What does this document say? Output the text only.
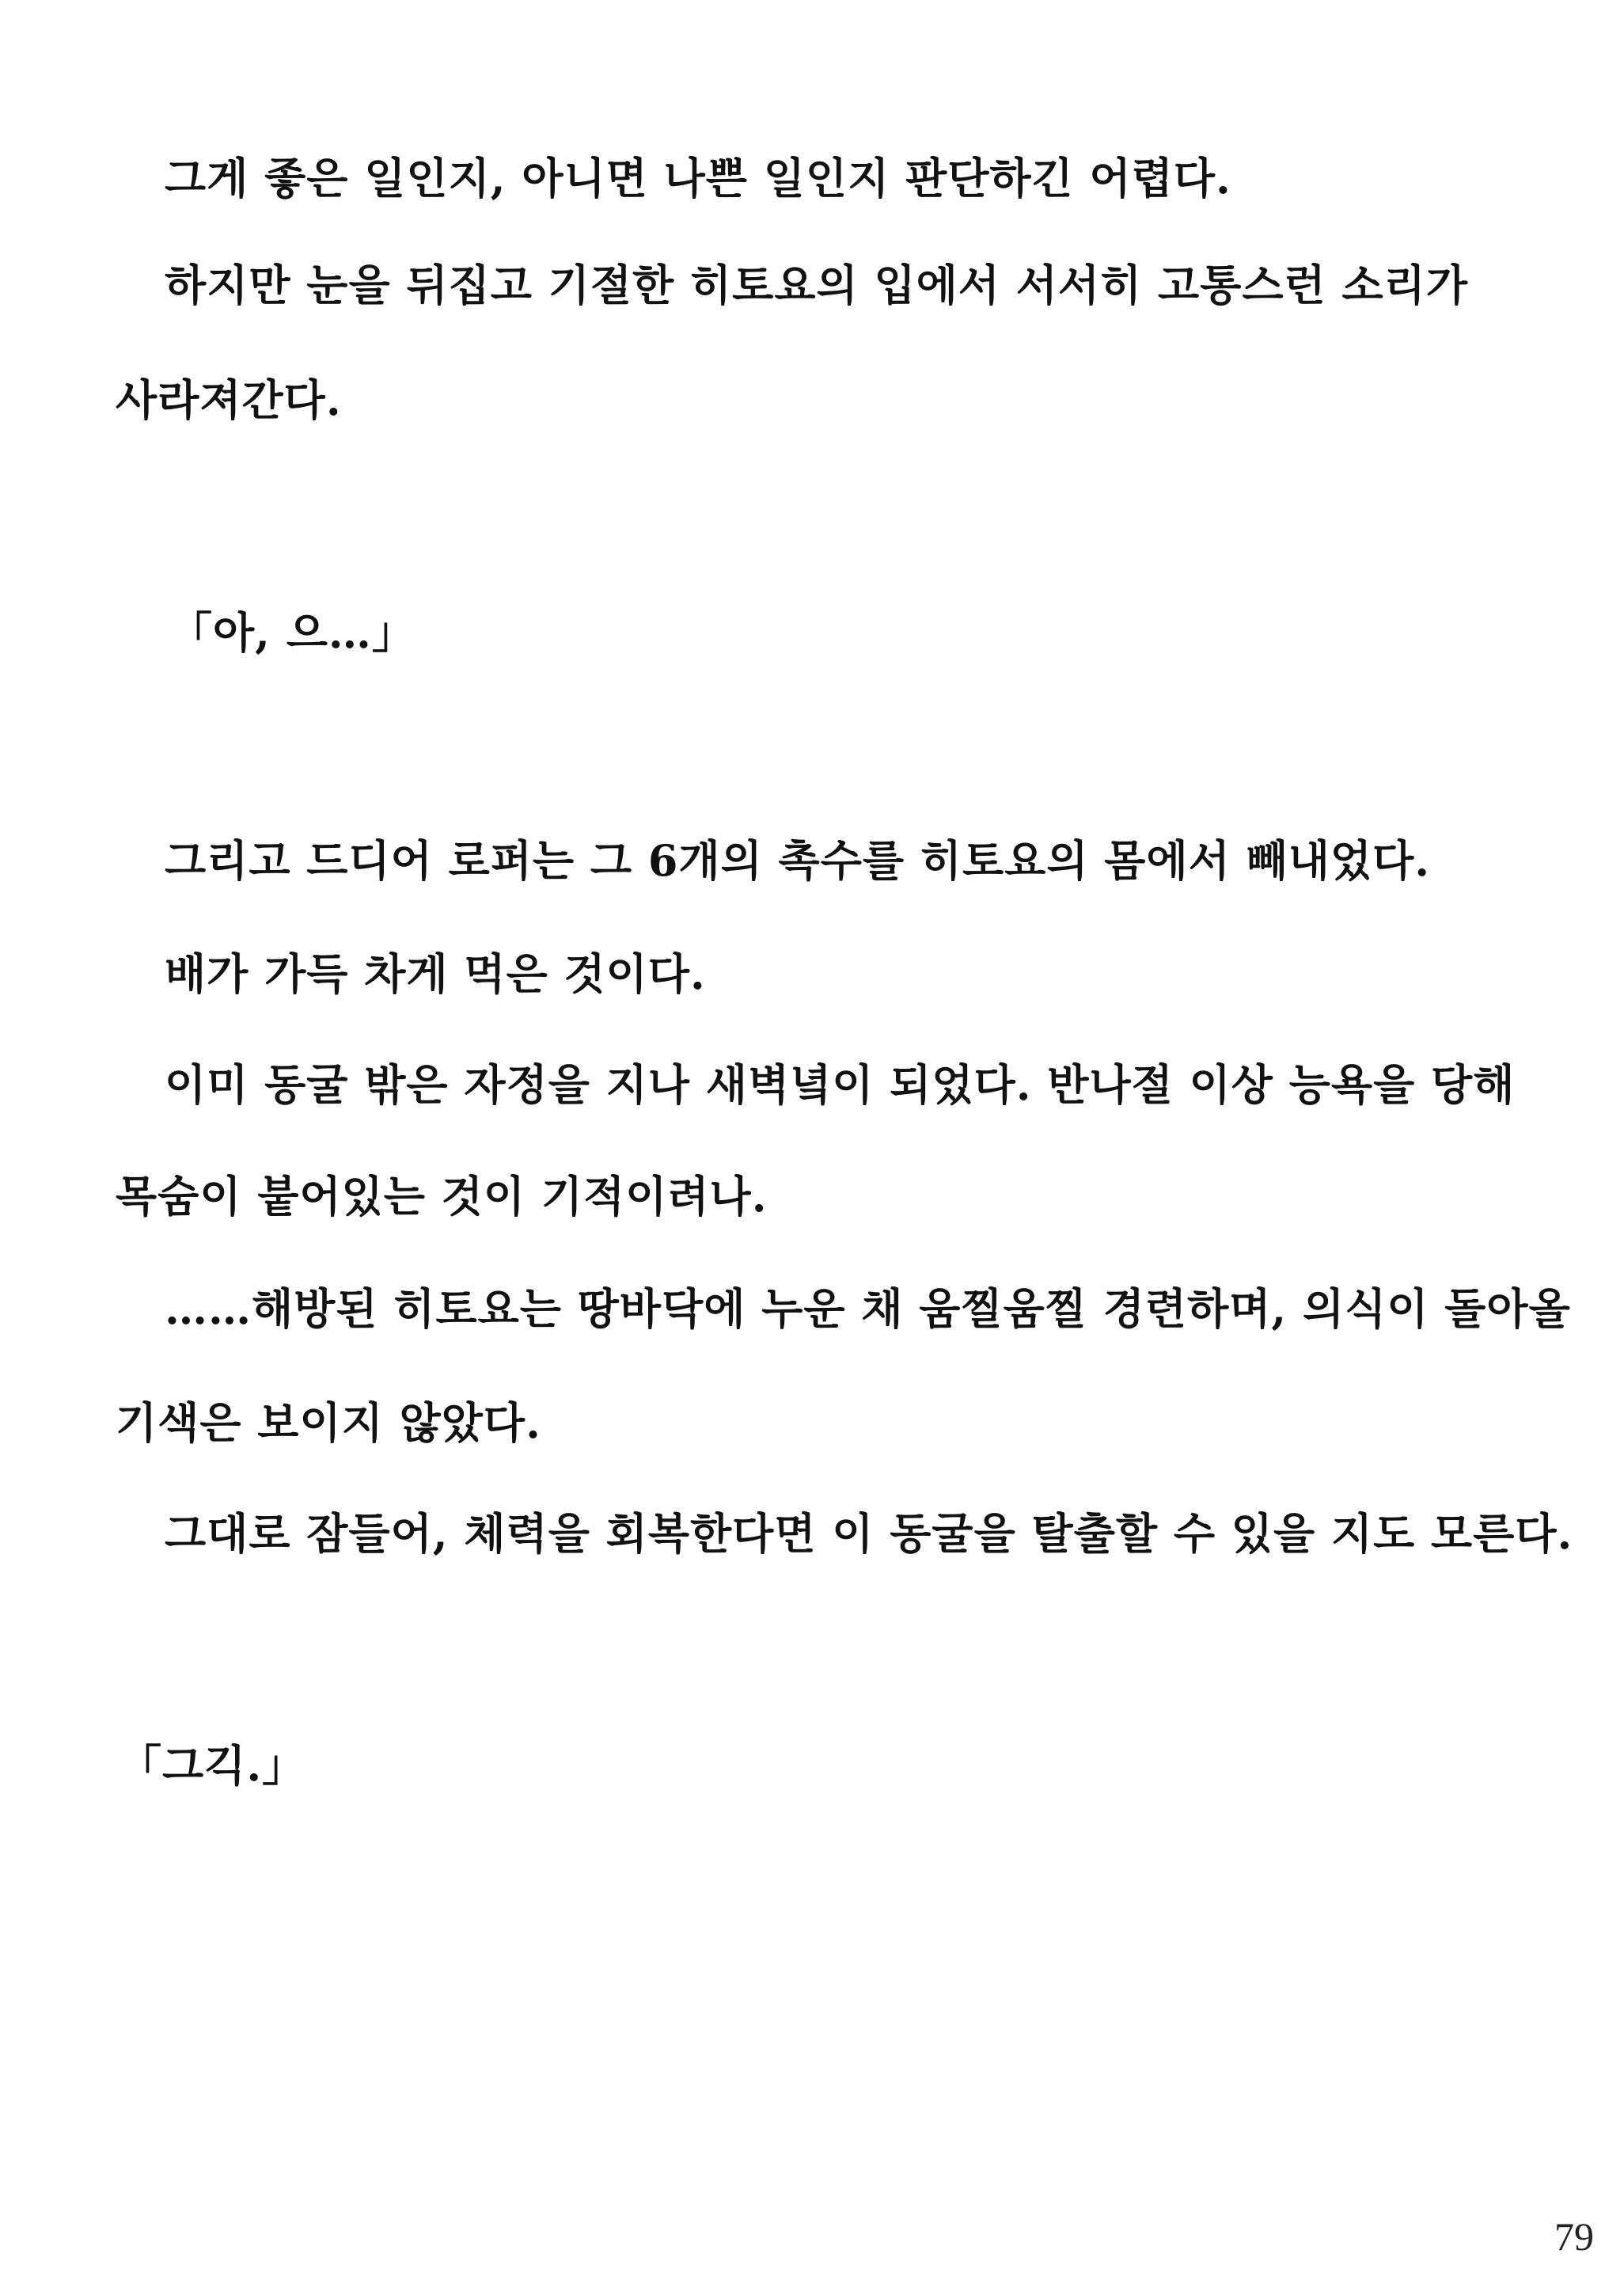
그게 좋은 일인지, 아니면 나쁜 일인지 판단하긴 어렵다.
하지만 눈을 뒤집고 기절한 히토요의 입에서 서서히 고통스런 소리가
사라져간다.
「아, 으…」
그리고 드디어 로퍼는 그 6개의 촉수를 히토요의 몸에서 빼내었다.
배가 가득 차게 먹은 것이다.
이미 동굴 밖은 자정을 지나 새벽녘이 되었다. 반나절 이상 능욕을 당해
목숨이 붙어있는 것이 기적이려나.
……해방된 히토요는 땅바닥에 누운 채 움찔움찔 경련하며, 의식이 돌아올
기색은 보이지 않았다.
그대로 잠들어, 체력을 회복한다면 이 동굴을 탈출할 수 있을 지도 모른다.
「그긱.」
79
